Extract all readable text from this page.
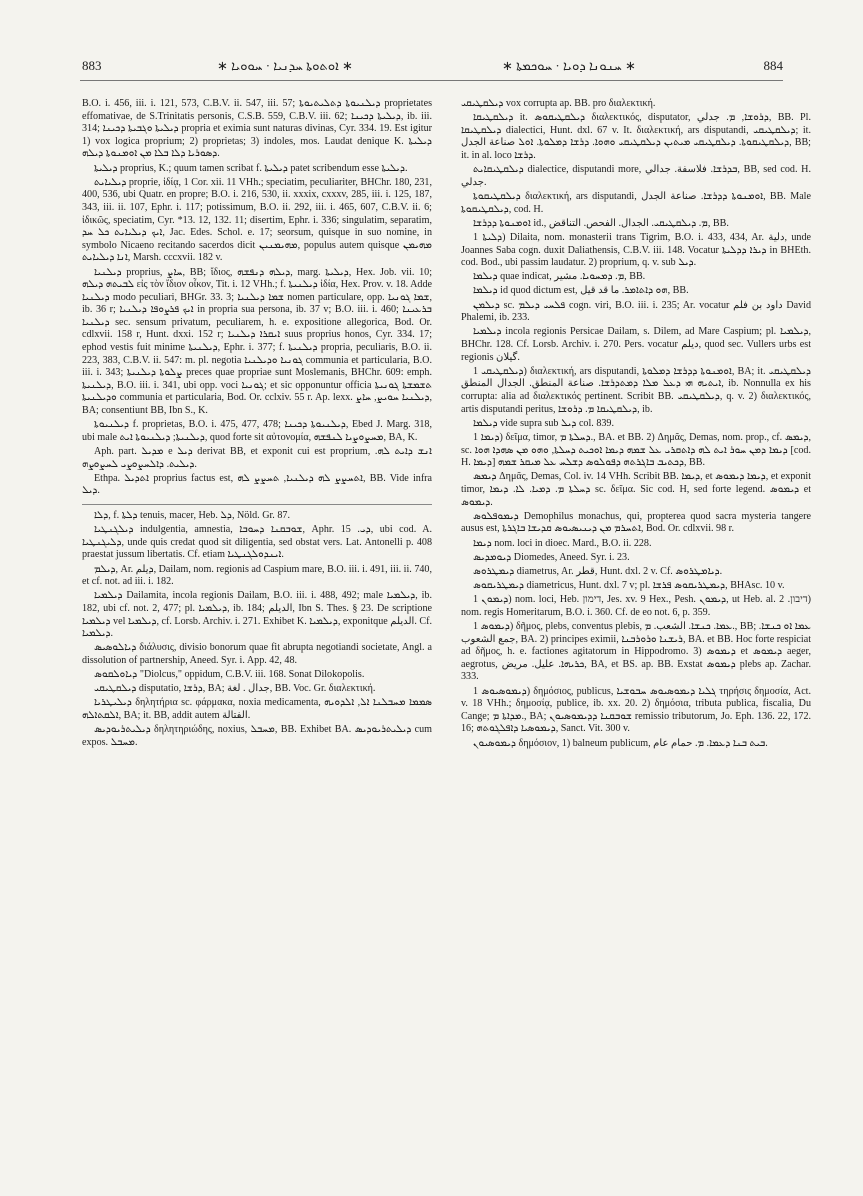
883	∗ ܐܘܬܘܬܐ ܚܕܢܝܐ · ܚܘܘܝܐ ∗	∗ ܚܢܘܢܐ ܕܘܝܐ · ܚܘܟܡܬܐ ∗	884

B.O. i. 456, iii. i. 121, 573, C.B.V. ii. 547, iii. 57; ܕܝܠܢܝܘܬܐ ܕܬܠܝܬܝܘܬܐ proprietates effomativae, de S.Trinitatis personis, C.S.B. 559, C.B.V. iii. 62; ܕܝܠܝܬܐ ܕܟܝܢܐ, ib. iii. 314; ܕܝܠܝܬܐ ܘܓܒܝܬܐ ܕܟܝܢܐ propria et eximia sunt naturas divinas, Cyr. 334. 19. Est igitur 1) vox logica proprium; 2) proprietas; 3) indoles, mos. Laudat denique K. ܕܝܠܝܬܐ ܕܣܘܪܝܐ ܕܠܐ ܒܠܐ ܡܢ ܐܘܡܢܘܬܐ ܕܝܠܗ.

ܕܝܠܝܬܐ proprius, K.; quum tamen scribat f. ܕܝܠܝܬܐ patet scribendum esse ܕܝܠܝܬܐ.

ܕܝܠܝܐܝܬ proprie, ἰδίᾳ, 1 Cor. xii. 11 VHh.; speciatim, peculiariter, BHChr. 180, 231, 400, 536, ubi Quatr. en propre; B.O. i. 216, 530, ii. xxxix, cxxxv, 285, iii. i. 125, 187, 343, iii. ii. 107, Ephr. i. 117; potissimum, B.O. ii. 292, iii. i. 465, 607, C.B.V. ii. 6; ἰδικῶς, speciatim, Cyr. *13. 12, 132. 11; disertim, Ephr. i. 336; singulatim, separatim, ܐܝܟ ܕܝܠܝܐܝܬ ܟܠ ܚܕ, Jac. Edes. Schol. e. 17; seorsum, quisque in suo nomine, in symbolo Nicaeno recitando sacerdos dicit ܡܗܝܡܢܝܢ, populus autem quisque ܡܗܝܡܢ ܐܢܐ ܕܝܠܝܐܝܬ, Marsh. cccxvii. 182 v.

ܕܝܠܢܝܐ proprius, ܚܐܨ, BB; ἴδιος, ܕܝܠܗ ܕܢܦܫܗ, marg. ܕܝܠܝܬܐ, Hex. Job. vii. 10; ܠܒܝܬܗ ܕܝܠܗ εἰς τὸν ἴδιον οἶκον, Tit. i. 12 VHh.; f. ܕܝܠܢܝܬܐ ἰδία, Hex. Prov. v. 18. Adde ܕܝܠܢܝܐ modo peculiari, BHGr. 33. 3; ܫܡܐ ܕܝܠܢܝܐ nomen particulare, opp. ܫܡܐ ܓܘܢܝܐ, ib. 36 r; ܐܝܟ ܦܪܨܘܦܐ ܕܝܠܢܝܐ in propria sua persona, ib. 37 v; B.O. iii. i. 460; ܒܪܥܝܢܐ ܕܝܠܢܝܐ sec. sensum privatum, peculiarem, h. e. expositione allegorica, Bod. Or. cdlxvii. 158 r, Hunt. dxxi. 152 r; ܐܝܩܪܐ ܕܝܠܢܝܐ suus proprius honos, Cyr. 334. 17; ephod vestis fuit minime ܕܝܠܢܝܬܐ, Ephr. i. 377; f. ܕܝܠܢܝܬܐ propria, peculiaris, B.O. ii. 223, 383, C.B.V. ii. 547: m. pl. negotia ܓܘܢܝܐ ܘܕܝܠܢܝܐ communia et particularia, B.O. iii. i. 343; ܨܠܘܬܐ ܕܝܠܢܝܬܐ preces quae propriae sunt Moslemanis, BHChr. 609: emph. ܕܝܠܢܝܬܐ, B.O. iii. i. 341, ubi opp. voci ܓܘܢܝܐ; et sic opponuntur officia ܬܫܡܫܬܐ ܓܘܢܝܬܐ ܘܕܝܠܢܝܬܐ communia et particularia, Bod. Or. cclxiv. 55 r. Ap. lexx. ܕܝܠܢܝܐ ܚܘܝܨ, ܚܐܨ, BA; consentiunt BB, Ibn S., K.

ܕܝܠܢܝܘܬܐ f. proprietas, B.O. i. 475, 477, 478; ܕܝܠܢܝܘܬܐ ܕܟܝܢܐ, Ebed J. Marg. 318, ubi male ܕܝܠܢܝܬܐ; ܕܝܠܢܝܘܬܐ ܐܝܬ, quod forte sit αὐτονομία, ܡܚܨܘܨܝܐ ܠܢܦܫܗ, BA, K.

Aph. part. ܡܕܝܠ e ܕܝܠ derivat BB, et exponit cui est proprium, ܐܢܫ ܕܐܝܬ ܠܗ. ܕܝܠܝܬ. ܕܐܠܚܨܘܨܝ ܠܚܨܘܨܗ.

Ethpa. ܐܬܕܝܠ proprius factus est, ܐܬܚܨܨ ܠܗ ܕܝܠܢܝܐ, ܬܚܨܨ ܠܗ, BB. Vide infra ܕܝܠ.

ܕܠܐ, f. ܕܠܬܐ tenuis, macer, Heb. ܕܠ, Nöld. Gr. 87.

ܕܝܠܓܢܛܝܐ indulgentia, amnestia, ܫܘܒܩܢܐ ܕܚܘܒܐ, Aphr. ܕܝ. 15, ubi cod. A. ܕܠܝܓܢܛܝܐ, unde quis credat quod sit diligentia, sed obstat vers. Lat. Antonelli p. 408 praestat jussum libertatis. Cf. etiam ܐܝܢܕܘܠܓܢܛܝܐ.

ܕܝܠܡ, Ar. ܕيلم, Dailam, nom. regionis ad Caspium mare, B.O. iii. i. 491, iii. ii. 740, et cf. not. ad iii. i. 182.

ܕܝܠܡܝܐ Dailamita, incola regionis Dailam, B.O. iii. i. 488, 492; male ܕܝܠܡܝܐ, ib. 182, ubi cf. not. 2, 477; pl. ܕܝܠܡܝܐ, ib. 184; الديلم, Ibn S. Thes. § 23. De scriptione ܕܝܠܡܝܐ vel ܕܝܠܡܝܐ, cf. Lorsb. Archiv. i. 271. Exhibet K. ܕܝܠܡܝܐ, exponitque الديلم. Cf. ܕܝܠܡܝܐ.

ܕܝܐܠܘܣܝܣ διάλυσις, divisio bonorum quae fit abrupta negotiandi societate, Angl. a dissolution of partnership, Aneed. Syr. i. App. 42, 48.

ܕܝܐܘܠܩܘܣ "Diolcus," oppidum, C.B.V. iii. 168. Sonat Dilokopolis.

ܕܝܠܩܛܝܩܝ disputatio, ܕܪܫܐ, BA; جدال . لغة, BB. Voc. Gr. διαλεκτική.

ܕܝܠܝܛܪܝܐ δηλητήρια sc. φάρμακα, noxia medicamenta, ܣܡܡܐ ܡܚܒܠܢܐ ܐܠ, ܐܠܕܘܝܗ ܐܠܩܬܐܠܗ, BA; it. BB, addit autem الفتالة.

ܕܝܠܝܬܪܝܘܕܝܣ δηλητηριώδης, noxius, ܡܚܒܠ, BB. Exhibet BA. ܕܝܠܝܬܪܝܘܕܝܣ cum expos. ܡܚܒܠ.

ܕܝܠܩܛܝܩܝ vox corrupta ap. BB. pro διαλεκτική.

ܕܝܠܩܛܝܩܐ it. ܕܝܠܩܛܝܩܘܣ διαλεκτικός, disputator, ܕܪܘܫܐ, ܡ. جدلي, BB. Pl. ܕܝܠܩܛܝܩܐ dialectici, Hunt. dxl. 67 v. It. διαλεκτική, ars disputandi, ܕܝܠܩܛܝܩܝ; it. ܕܝܠܩܛܝܩܘܬܐ. ܕܝܠܩܛܝܩܝ ܡܝܬܝܢ ܕܝܠܩܛܝܩܝ ܘܗܘܐ. ܕܪܫܐ ܕܡܠܘܬܐ. ܐܘܠ صناعة الجدل, BB; it. in al. loco ܕܪܫܐ.

ܕܝܠܩܛܝܩܐܝܬ dialectice, disputandi more, ܒܕܪܫܐ. فلاسفة. جدالي, BB, sed cod. H. جدلي.

ܕܝܠܩܛܝܩܘܬܐ διαλεκτική, ars disputandi, ܐܘܡܢܘܬܐ ܕܕܪܫܐ. صناعة الجدل, BB. Male ܕܝܠܩܛܝܩܘܬܐ, cod. H.

ܐܘܡܢܘܬܐ ܕܕܪܫܐ id., ܡ. ܕܝܠܩܛܝܩܝ. الجدال. الفحص. التناقض, BB.

ܕܠܝܬܐ 1) Dilaita, nom. monasterii trans Tigrim, B.O. i. 433, 434, Ar. دلية, unde Joannes Saba cogn. duxit Daliathensis, C.B.V. iii. 148. Vocatur ܕܝܪܐ ܕܕܠܝܬܐ in BHEth. cod. Bod., ubi passim laudatur. 2) proprium, q. v. sub ܕܝܠ.

ܕܝܠܡܐ quae indicat, ܡ. ܕܡܚܘܝܐ. مشير, BB.

ܕܝܠܡܐ id quod dictum est, ܗܘ ܕܐܬܐܡܪ. ما قد قيل, BB.

ܕܝܠܡܢ sc. ܦܠܚܝ ܕܝܠܡ cogn. viri, B.O. iii. i. 235; Ar. vocatur داود بن فلم David Phalemi, ib. 233.

ܕܝܠܡܝܐ incola regionis Persicae Dailam, s. Dilem, ad Mare Caspium; pl. ܕܝܠܡܝܐ, BHChr. 128. Cf. Lorsb. Archiv. i. 270. Pers. vocatur ديلم, quod sec. Vullers urbs est regionis گيلان.

ܕܝܠܩܛܝܩܝ 1) διαλεκτική, ars disputandi, ܐܘܡܢܘܬܐ ܕܕܪܫܐ ܕܡܠܘܬܐ, BA; it. ܕܝܠܩܛܝܩܝ ܐܝܬܝܗ ܗܝ ܕܥܠ ܡܠܐ ܕܡܬܕܪܫܐ. صناعة المنطق. الجدال المنطق, ib. Nonnulla ex his corrupta: alia ad διαλεκτικός pertinent. Scribit BB. ܕܝܠܩܛܝܩܝ, q. v. 2) διαλεκτικός, artis disputandi peritus, ܕܝܠܩܛܝܩܐ ܡ. ܕܪܘܫܐ, ib.

ܕܝܠܡܐ vide supra sub ܕܝܠ col. 839.

ܕܝܡܐ 1) δεῖμα, timor, ܕܚܠܬܐ ܡ., BA. et BB. 2) Δημᾶς, Demas, nom. prop., cf. ܕܝܡܣ, sc. ܕܝܡܐ ܕܡܢ ܚܘܪ ܐܝܬ ܠܗ ܕܐܬܩܪܝ ܥܠ ܫܡܗ ܕܝܡܐ ܐܘܟܝܬ ܕܚܠܬܐ, ܘܗܘ ܡܢ ܣܗܕܐ ܗܘܐ [cod. H. ܕܝܡܐ] ܕܟܬܝܒ ܒܐܓܪܬܗ ܕܦܘܠܘܣ ܕܫܠܚ ܥܠ ܡܝܩܪ ܫܡܗ, BB.

ܕܝܡܣ Δημᾶς, Demas, Col. iv. 14 VHh. Scribit BB. ܕܝܡܐ, et ܕܝܡܐ ܕܝܡܘܣ, et exponit timor, ܕܚܠܬܐ ܡ. ܕܡܝܐ. ܠܐ. ܕܝܡܐ sc. δεῖμα. Sic cod. H, sed forte legend. ܕܝܡܘܣ et ܕܝܡܘܣ.

ܕܝܡܘܦܠܘܣ Demophilus monachus, qui, propterea quod sacra mysteria tangere ausus est, ܐܬܚܪܡ ܡܢ ܕܝܢܝܣܝܘܣ ܩܕܝܫܐ ܒܐܓܪܬܐ, Bod. Or. cdlxvii. 98 r.

ܕܝܡܐ nom. loci in dioec. Mard., B.O. ii. 228.

ܕܝܘܡܕܝܣ Diomedes, Aneed. Syr. i. 23.

ܕܝܡܛܪܘܣ diametrus, Ar. قطر, Hunt. dxl. 2 v. Cf. ܕܝܐܡܛܪܘܣ.

ܕܝܡܛܪܝܩܘܣ diametricus, Hunt. dxl. 7 v; pl. ܕܝܡܛܪܝܩܘܣ ܦܪܫܐ, BHAsc. 10 v.

ܕܝܡܘܢ 1) nom. loci, Heb. דימון, Jes. xv. 9 Hex., Pesh. ܕܝܡܘܢ, ut Heb. al. דיבון. 2) nom. regis Homeritarum, B.O. i. 360. Cf. de eo not. 6, p. 359.

ܕܝܡܘܣ 1) δῆμος, plebs, conventus plebis, ܥܡܐ. ܟܢܫܐ. الشعب. ܡ., BB; ܥܡܐ ܐܘ ܟܢܫܐ. جمع الشعوب, BA. 2) principes eximii, ܪܝܫܢܐ ܘܪܘܪܒܢܐ, BA. et BB. Hoc forte respiciat ad δῆμος, h. e. factiones agitatorum in Hippodromo. 3) ܕܝܡܘܣ et ܕܝܡܘܣ aeger, aegrotus, ܟܪܝܗܐ. عليل. مريض, BA, et BS. ap. BB. Exstat ܕܝܡܘܣ plebs ap. Zachar. 333.

ܕܝܡܘܣܝܘܣ 1) δημόσιος, publicus, ܓܠܝܐ ܕܝܡܘܣܝܘܣ ܚܒܘܫܝܐ τηρήσις δημοσία, Act. v. 18 VHh.; δημοσίᾳ, publice, ib. xx. 20. 2) δημόσια, tributa publica, fiscalia, Du Cange; ܡܕܐܬܐ ܡ., BA; ܫܘܒܩܢܐ ܕܕܝܡܘܣܝܘܢ remissio tributorum, Jo. Eph. 136. 22, 172. 16; ܕܝܡܘܣܝܐ ܕܐܦܠܓܘܬܗ, Sanct. Vit. 300 v.

ܕܝܡܘܣܝܘܢ δημόσιον, 1) balneum publicum, ܒܝܬ ܒܢܐ ܕܥܡܐ. ܡ. حمام عام.
